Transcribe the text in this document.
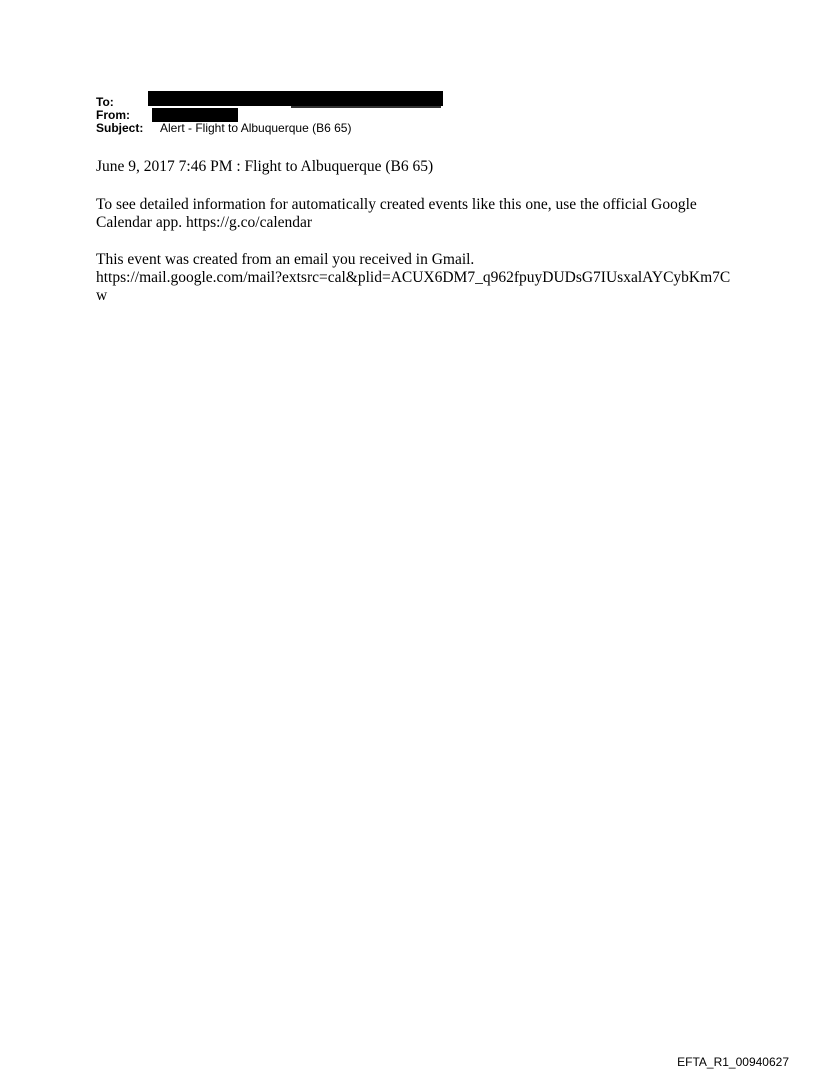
To:
From:
Subject: Alert - Flight to Albuquerque (B6 65)

June 9, 2017 7:46 PM : Flight to Albuquerque (B6 65)

To see detailed information for automatically created events like this one, use the official Google Calendar app. https://g.co/calendar

This event was created from an email you received in Gmail.
https://mail.google.com/mail?extsrc=cal&plid=ACUX6DM7_q962fpuyDUDsG7IUsxalAYCybKm7Cw

EFTA_R1_00940627
